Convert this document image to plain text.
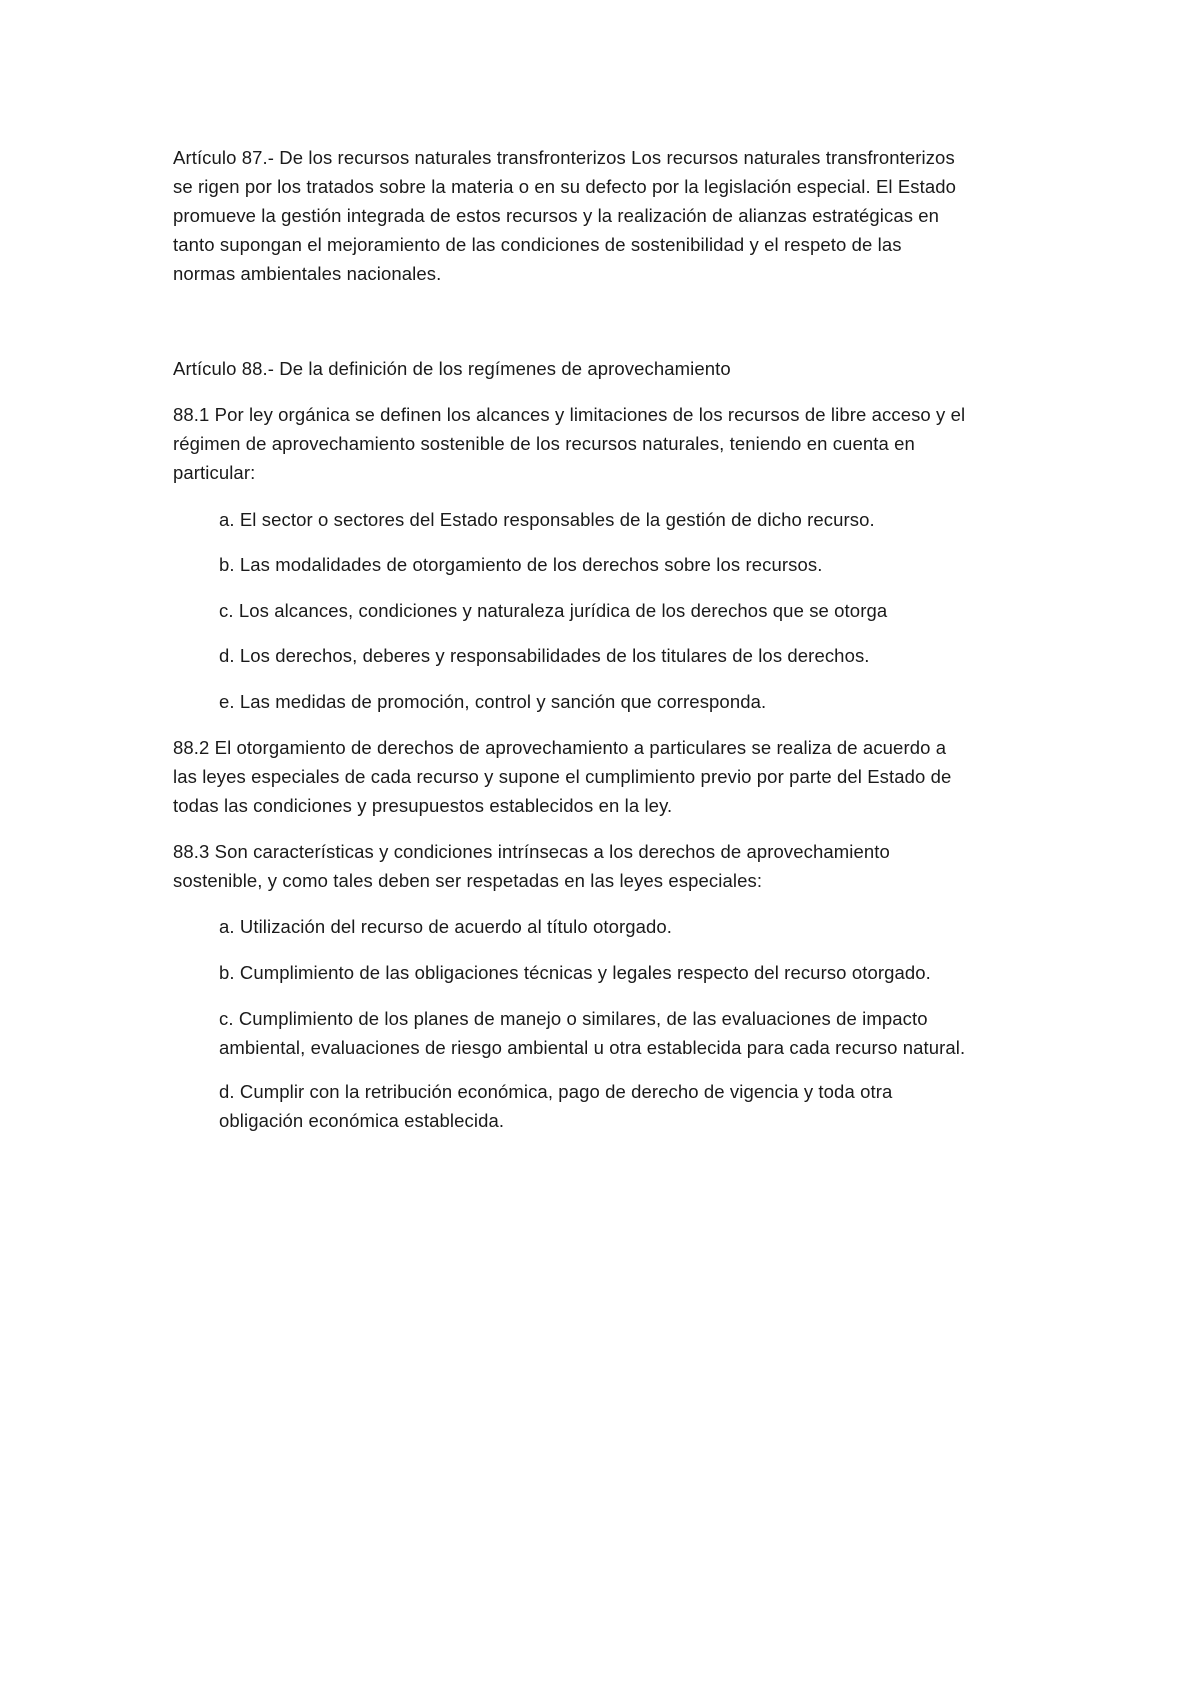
Artículo 87.- De los recursos naturales transfronterizos Los recursos naturales transfronterizos
se rigen por los tratados sobre la materia o en su defecto por la legislación especial. El Estado
promueve la gestión integrada de estos recursos y la realización de alianzas estratégicas en
tanto supongan el mejoramiento de las condiciones de sostenibilidad y el respeto de las
normas ambientales nacionales.

Artículo 88.- De la definición de los regímenes de aprovechamiento

88.1 Por ley orgánica se definen los alcances y limitaciones de los recursos de libre acceso y el
régimen de aprovechamiento sostenible de los recursos naturales, teniendo en cuenta en
particular:

a. El sector o sectores del Estado responsables de la gestión de dicho recurso.

b. Las modalidades de otorgamiento de los derechos sobre los recursos.

c. Los alcances, condiciones y naturaleza jurídica de los derechos que se otorga

d. Los derechos, deberes y responsabilidades de los titulares de los derechos.

e. Las medidas de promoción, control y sanción que corresponda.

88.2 El otorgamiento de derechos de aprovechamiento a particulares se realiza de acuerdo a
las leyes especiales de cada recurso y supone el cumplimiento previo por parte del Estado de
todas las condiciones y presupuestos establecidos en la ley.

88.3 Son características y condiciones intrínsecas a los derechos de aprovechamiento
sostenible, y como tales deben ser respetadas en las leyes especiales:

a. Utilización del recurso de acuerdo al título otorgado.

b. Cumplimiento de las obligaciones técnicas y legales respecto del recurso otorgado.

c. Cumplimiento de los planes de manejo o similares, de las evaluaciones de impacto
ambiental, evaluaciones de riesgo ambiental u otra establecida para cada recurso natural.

d. Cumplir con la retribución económica, pago de derecho de vigencia y toda otra
obligación económica establecida.
